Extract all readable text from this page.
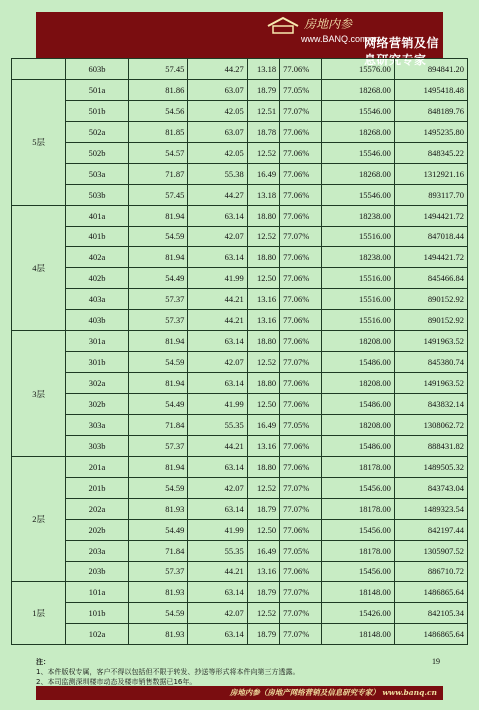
房地内参
www.BANQ.com.cn
网络营销及信息研究专家
	603b	57.45	44.27	13.18	77.06%	15576.00	894841.20
5层	501a	81.86	63.07	18.79	77.05%	18268.00	1495418.48
	501b	54.56	42.05	12.51	77.07%	15546.00	848189.76
	502a	81.85	63.07	18.78	77.06%	18268.00	1495235.80
	502b	54.57	42.05	12.52	77.06%	15546.00	848345.22
	503a	71.87	55.38	16.49	77.06%	18268.00	1312921.16
	503b	57.45	44.27	13.18	77.06%	15546.00	893117.70
4层	401a	81.94	63.14	18.80	77.06%	18238.00	1494421.72
	401b	54.59	42.07	12.52	77.07%	15516.00	847018.44
	402a	81.94	63.14	18.80	77.06%	18238.00	1494421.72
	402b	54.49	41.99	12.50	77.06%	15516.00	845466.84
	403a	57.37	44.21	13.16	77.06%	15516.00	890152.92
	403b	57.37	44.21	13.16	77.06%	15516.00	890152.92
3层	301a	81.94	63.14	18.80	77.06%	18208.00	1491963.52
	301b	54.59	42.07	12.52	77.07%	15486.00	845380.74
	302a	81.94	63.14	18.80	77.06%	18208.00	1491963.52
	302b	54.49	41.99	12.50	77.06%	15486.00	843832.14
	303a	71.84	55.35	16.49	77.05%	18208.00	1308062.72
	303b	57.37	44.21	13.16	77.06%	15486.00	888431.82
2层	201a	81.94	63.14	18.80	77.06%	18178.00	1489505.32
	201b	54.59	42.07	12.52	77.07%	15456.00	843743.04
	202a	81.93	63.14	18.79	77.07%	18178.00	1489323.54
	202b	54.49	41.99	12.50	77.06%	15456.00	842197.44
	203a	71.84	55.35	16.49	77.05%	18178.00	1305907.52
	203b	57.37	44.21	13.16	77.06%	15456.00	886710.72
1层	101a	81.93	63.14	18.79	77.07%	18148.00	1486865.64
	101b	54.59	42.07	12.52	77.07%	15426.00	842105.34
	102a	81.93	63.14	18.79	77.07%	18148.00	1486865.64
注：
1、本件版权专属，客户不得以包括但不限于转发、抄送等形式将本件向第三方透露。
2、本司监测深圳楼市动态及楼市销售数据已16年。
19
房地内参（房地产网络营销及信息研究专家） www.banq.cn
